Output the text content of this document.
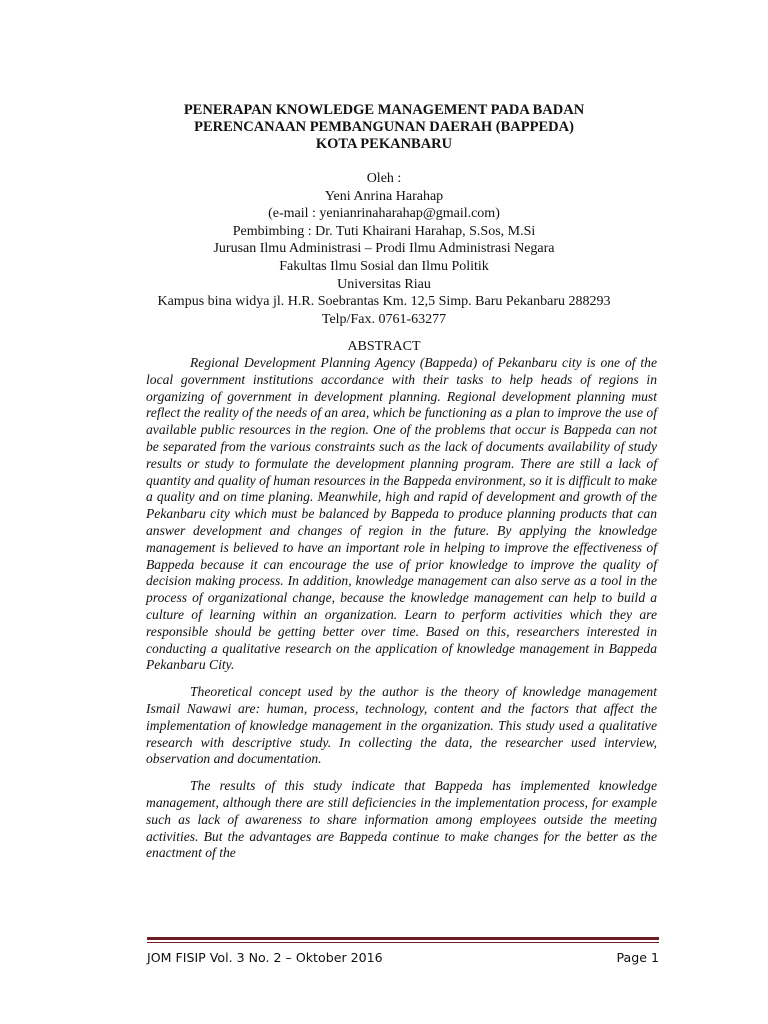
PENERAPAN KNOWLEDGE MANAGEMENT PADA BADAN
PERENCANAAN PEMBANGUNAN DAERAH (BAPPEDA)
KOTA PEKANBARU
Oleh :
Yeni Anrina Harahap
(e-mail : yenianrinaharahap@gmail.com)
Pembimbing : Dr. Tuti Khairani Harahap, S.Sos, M.Si
Jurusan Ilmu Administrasi – Prodi Ilmu Administrasi Negara
Fakultas Ilmu Sosial dan Ilmu Politik
Universitas Riau
Kampus bina widya jl. H.R. Soebrantas Km. 12,5 Simp. Baru Pekanbaru 288293
Telp/Fax. 0761-63277
ABSTRACT

Regional Development Planning Agency (Bappeda) of Pekanbaru city is one of the local government institutions accordance with their tasks to help heads of regions in organizing of government in development planning. Regional development planning must reflect the reality of the needs of an area, which be functioning as a plan to improve the use of available public resources in the region. One of the problems that occur is Bappeda can not be separated from the various constraints such as the lack of documents availability of study results or study to formulate the development planning program. There are still a lack of quantity and quality of human resources in the Bappeda environment, so it is difficult to make a quality and on time planing. Meanwhile, high and rapid of development and growth of the Pekanbaru city which must be balanced by Bappeda to produce planning products that can answer development and changes of region in the future. By applying the knowledge management is believed to have an important role in helping to improve the effectiveness of Bappeda because it can encourage the use of prior knowledge to improve the quality of decision making process. In addition, knowledge management can also serve as a tool in the process of organizational change, because the knowledge management can help to build a culture of learning within an organization. Learn to perform activities which they are responsible should be getting better over time. Based on this, researchers interested in conducting a qualitative research on the application of knowledge management in Bappeda Pekanbaru City.

Theoretical concept used by the author is the theory of knowledge management Ismail Nawawi are: human, process, technology, content and the factors that affect the implementation of knowledge management in the organization. This study used a qualitative research with descriptive study. In collecting the data, the researcher used interview, observation and documentation.

The results of this study indicate that Bappeda has implemented knowledge management, although there are still deficiencies in the implementation process, for example such as lack of awareness to share information among employees outside the meeting activities. But the advantages are Bappeda continue to make changes for the better as the enactment of the

JOM FISIP Vol. 3 No. 2 – Oktober 2016	Page 1
